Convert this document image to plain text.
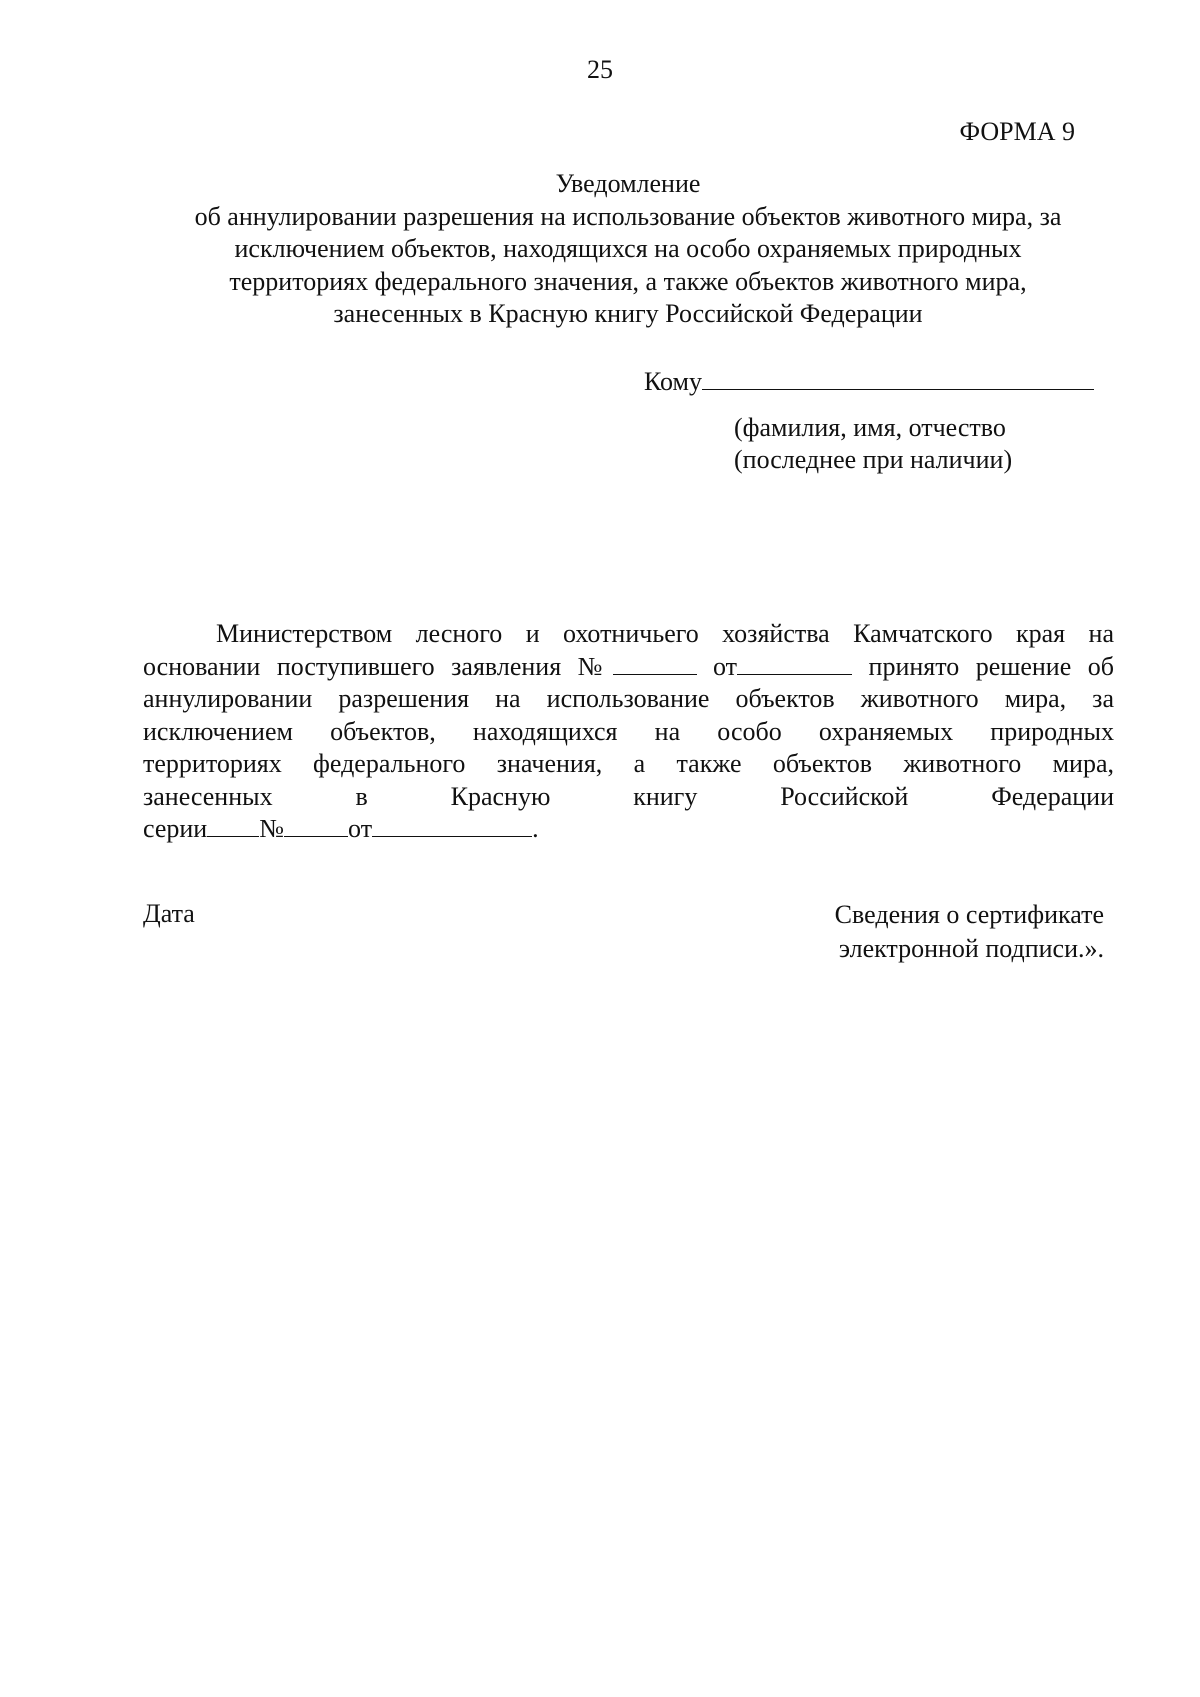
25
ФОРМА 9
Уведомление
об аннулировании разрешения на использование объектов животного мира, за
исключением объектов, находящихся на особо охраняемых природных
территориях федерального значения, а также объектов животного мира,
занесенных в Красную книгу Российской Федерации
Кому
(фамилия, имя, отчество
(последнее при наличии)
Министерством лесного и охотничьего хозяйства Камчатского края на
основании поступившего заявления №	от	принято решение об
аннулировании разрешения на использование объектов животного мира, за
исключением объектов, находящихся на особо охраняемых природных
территориях федерального значения, а также объектов животного мира,
занесенных в Красную книгу Российской Федерации
серии № от	.
Дата	Сведения о сертификате
электронной подписи.».
